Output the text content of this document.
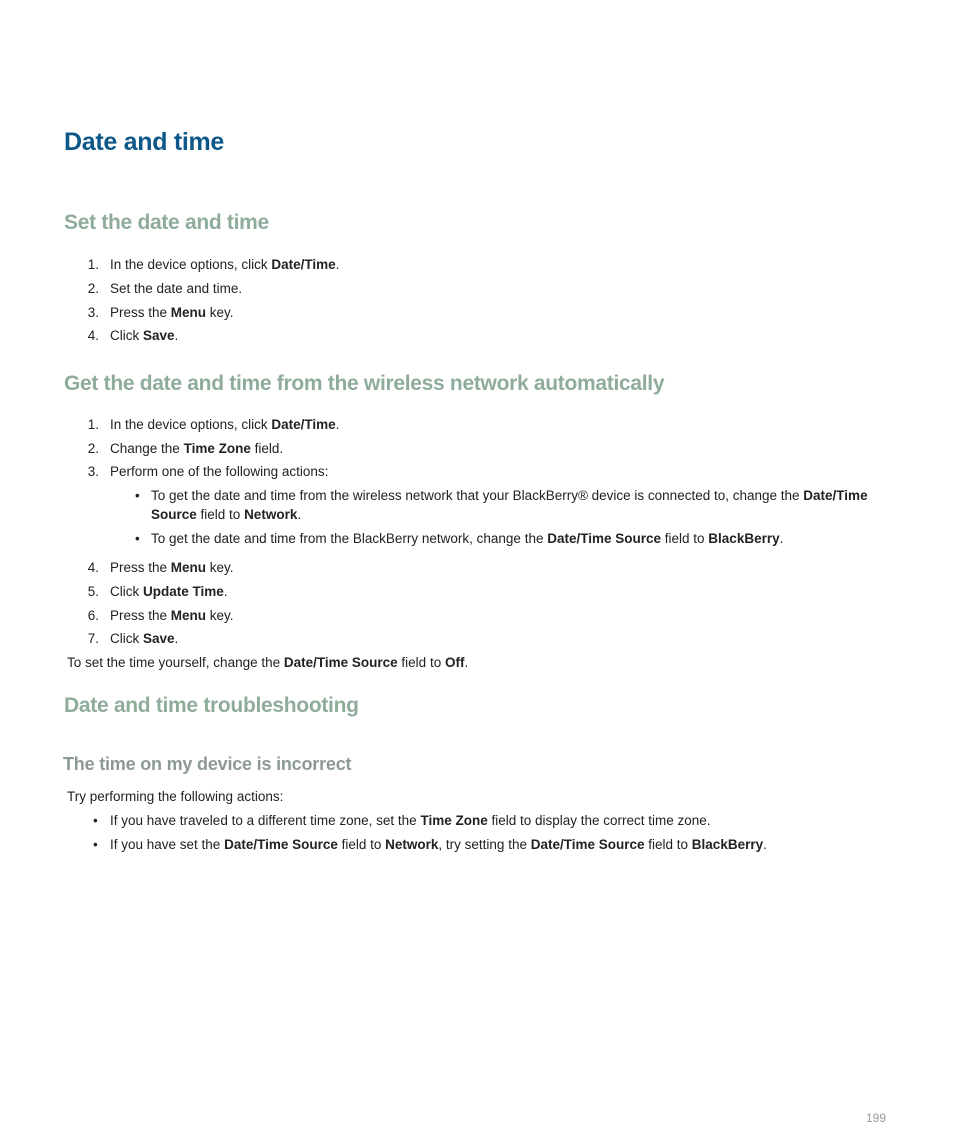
Date and time
Set the date and time
1. In the device options, click Date/Time.
2. Set the date and time.
3. Press the Menu key.
4. Click Save.
Get the date and time from the wireless network automatically
1. In the device options, click Date/Time.
2. Change the Time Zone field.
3. Perform one of the following actions:
• To get the date and time from the wireless network that your BlackBerry® device is connected to, change the Date/Time
Source field to Network.
• To get the date and time from the BlackBerry network, change the Date/Time Source field to BlackBerry.
4. Press the Menu key.
5. Click Update Time.
6. Press the Menu key.
7. Click Save.
To set the time yourself, change the Date/Time Source field to Off.
Date and time troubleshooting
The time on my device is incorrect
Try performing the following actions:
• If you have traveled to a different time zone, set the Time Zone field to display the correct time zone.
• If you have set the Date/Time Source field to Network, try setting the Date/Time Source field to BlackBerry.
199
